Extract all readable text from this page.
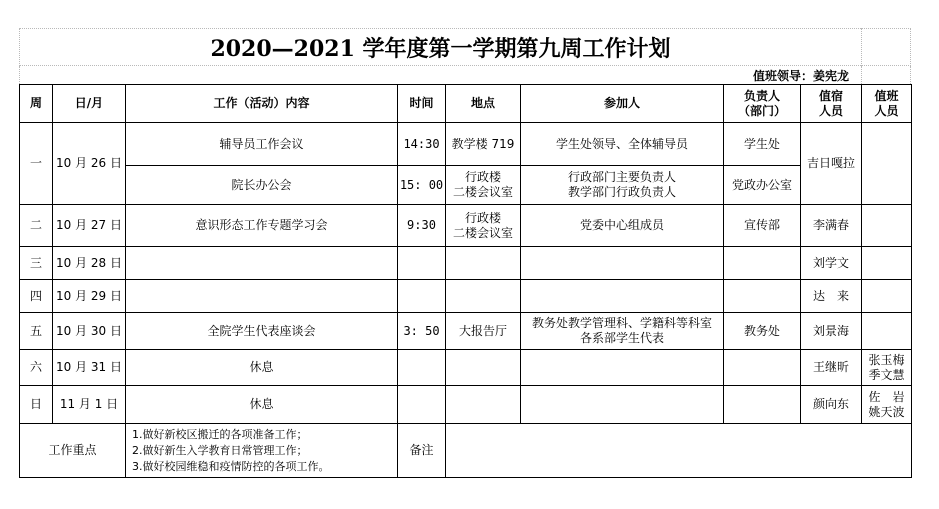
2020—2021 学年度第一学期第九周工作计划
值班领导：姜宪龙
周	日/月	工作（活动）内容	时间	地点	参加人	负责人
（部门）	值宿
人员	值班
人员
一	10 月 26 日	辅导员工作会议	14:30	教学楼 719	学生处领导、全体辅导员	学生处	吉日嘎拉	
		院长办公会	15: 00	行政楼
二楼会议室	行政部门主要负责人
教学部门行政负责人	党政办公室		
二	10 月 27 日	意识形态工作专题学习会	9:30	行政楼
二楼会议室	党委中心组成员	宣传部	李满春	
三	10 月 28 日						刘学文	
四	10 月 29 日						达　来	
五	10 月 30 日	全院学生代表座谈会	3: 50	大报告厅	教务处教学管理科、学籍科等科室
各系部学生代表	教务处	刘景海	
六	10 月 31 日	休息					王继昕	张玉梅
季文慧
日	11 月 1 日	休息					颜向东	佐　岩
姚天波
工作重点		1.做好新校区搬迁的各项准备工作；
2.做好新生入学教育日常管理工作；
3.做好校园维稳和疫情防控的各项工作。	备注					
